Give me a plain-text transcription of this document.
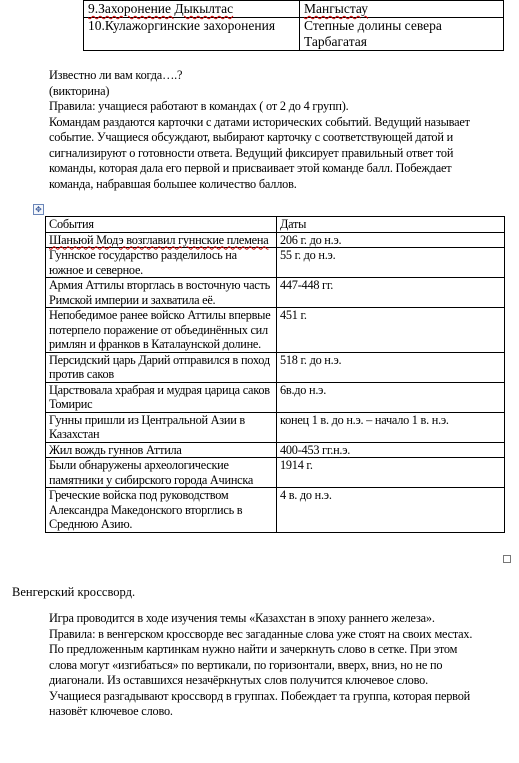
9.Захоронение Дыкылтас	Мангыстау
10.Кулажоргинские захоронения	Степные долины севера Тарбагатая
Известно ли вам когда….?
(викторина)
Правила: учащиеся работают в командах ( от 2 до 4 групп).
Командам раздаются карточки с датами исторических событий. Ведущий называет
событие. Учащиеся обсуждают, выбирают карточку с соответствующей датой и
сигнализируют о готовности ответа. Ведущий фиксирует правильный ответ той
команды, которая дала его первой и присваивает этой команде балл. Побеждает
команда, набравшая большее количество баллов.
✥
События	Даты
Шаньюй Модэ возглавил гуннские племена	206 г. до н.э.
Гуннское государство разделилось на южное и северное.	55 г. до н.э.
Армия Аттилы вторглась в восточную часть Римской империи и захватила её.	447-448 гг.
Непобедимое ранее войско Аттилы впервые потерпело поражение от объединённых сил римлян и франков в Каталаунской долине.	451 г.
Персидский царь Дарий отправился в поход против саков	518 г. до н.э.
Царствовала храбрая и мудрая царица саков Томирис	6в.до н.э.
Гунны пришли из Центральной Азии в Казахстан	конец 1 в. до н.э. – начало 1 в. н.э.
Жил вождь гуннов Аттила	400-453 гг.н.э.
Были обнаружены археологические памятники у сибирского города Ачинска	1914 г.
Греческие войска под руководством Александра Македонского вторглись в Среднюю Азию.	4 в. до н.э.
Венгерский кроссворд.
Игра проводится в ходе изучения темы «Казахстан в эпоху раннего железа».
Правила: в венгерском кроссворде вес загаданные слова уже стоят на своих местах.
По предложенным картинкам нужно найти и зачеркнуть слово в сетке. При этом
слова могут «изгибаться» по вертикали, по горизонтали, вверх, вниз, но не по
диагонали. Из оставшихся незачёркнутых слов получится ключевое слово.
Учащиеся разгадывают кроссворд в группах. Побеждает та группа, которая первой
назовёт ключевое слово.
